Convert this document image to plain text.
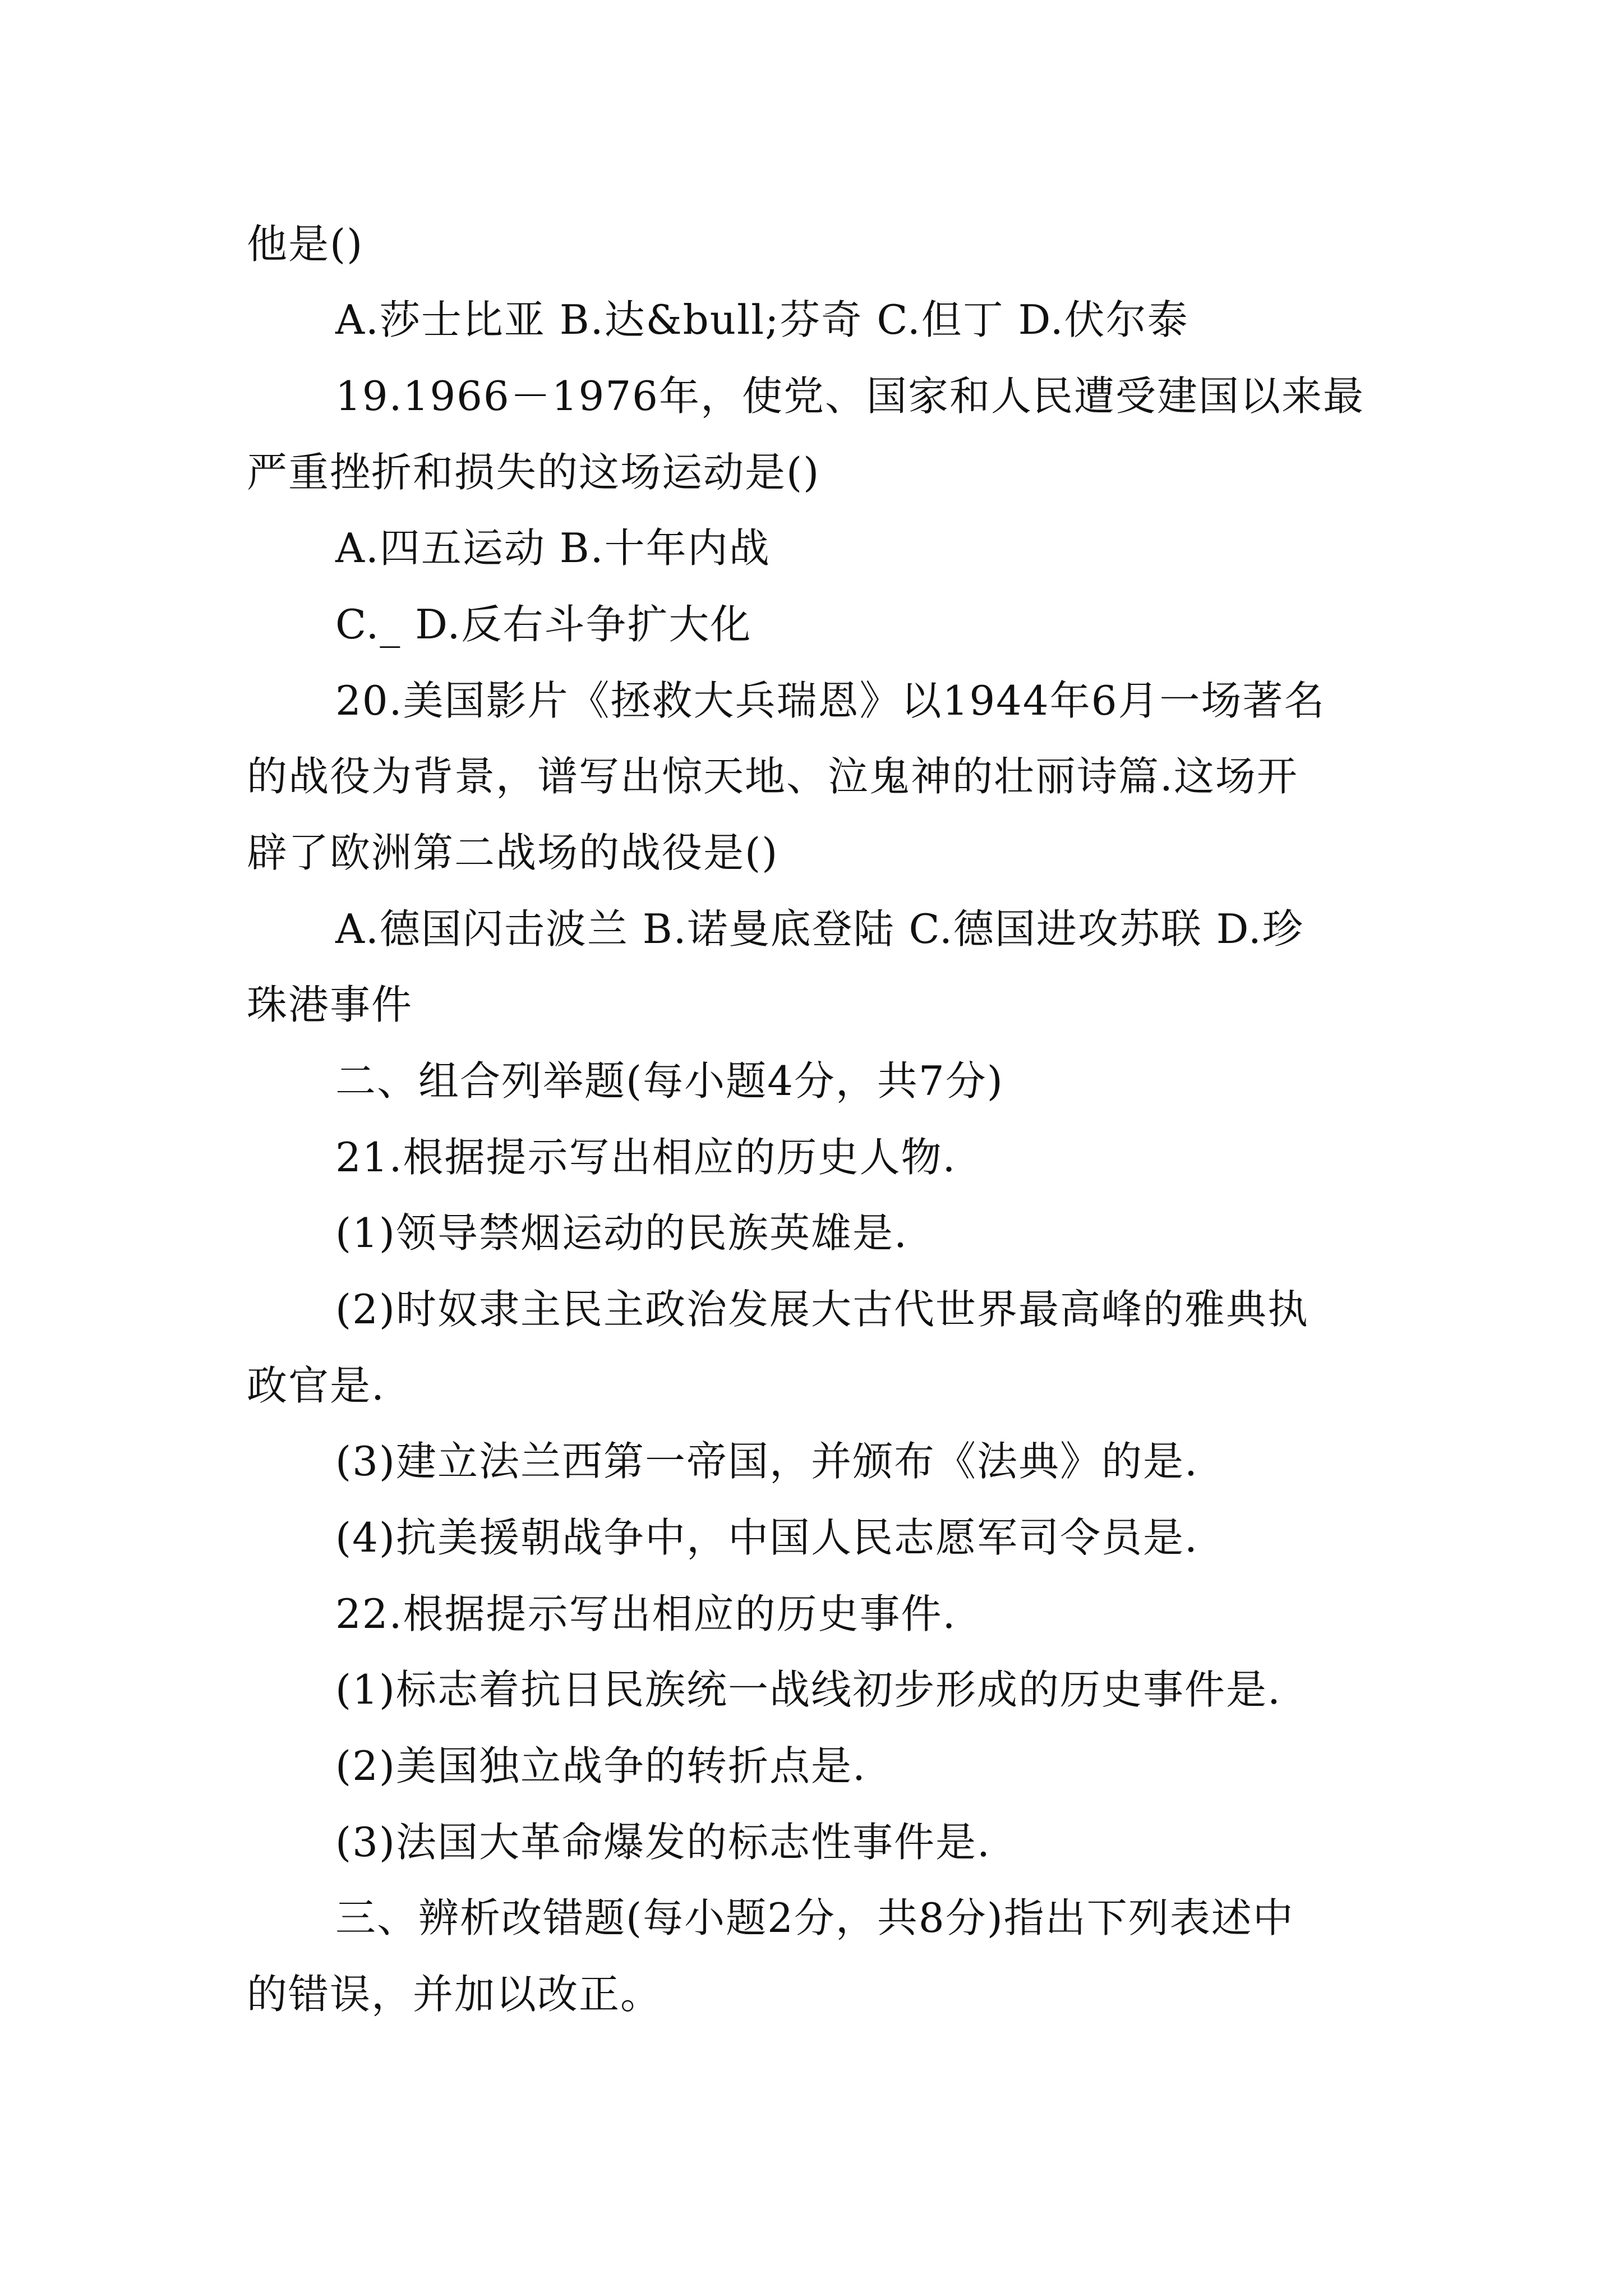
他是()
A.莎士比亚 B.达&bull;芬奇 C.但丁 D.伏尔泰
19.1966－1976年，使党、国家和人民遭受建国以来最
严重挫折和损失的这场运动是()
A.四五运动 B.十年内战
C._ D.反右斗争扩大化
20.美国影片《拯救大兵瑞恩》以1944年6月一场著名
的战役为背景，谱写出惊天地、泣鬼神的壮丽诗篇.这场开
辟了欧洲第二战场的战役是()
A.德国闪击波兰 B.诺曼底登陆 C.德国进攻苏联 D.珍
珠港事件
二、组合列举题(每小题4分，共7分)
21.根据提示写出相应的历史人物.
(1)领导禁烟运动的民族英雄是.
(2)时奴隶主民主政治发展大古代世界最高峰的雅典执
政官是.
(3)建立法兰西第一帝国，并颁布《法典》的是.
(4)抗美援朝战争中，中国人民志愿军司令员是.
22.根据提示写出相应的历史事件.
(1)标志着抗日民族统一战线初步形成的历史事件是.
(2)美国独立战争的转折点是.
(3)法国大革命爆发的标志性事件是.
三、辨析改错题(每小题2分，共8分)指出下列表述中
的错误，并加以改正。
